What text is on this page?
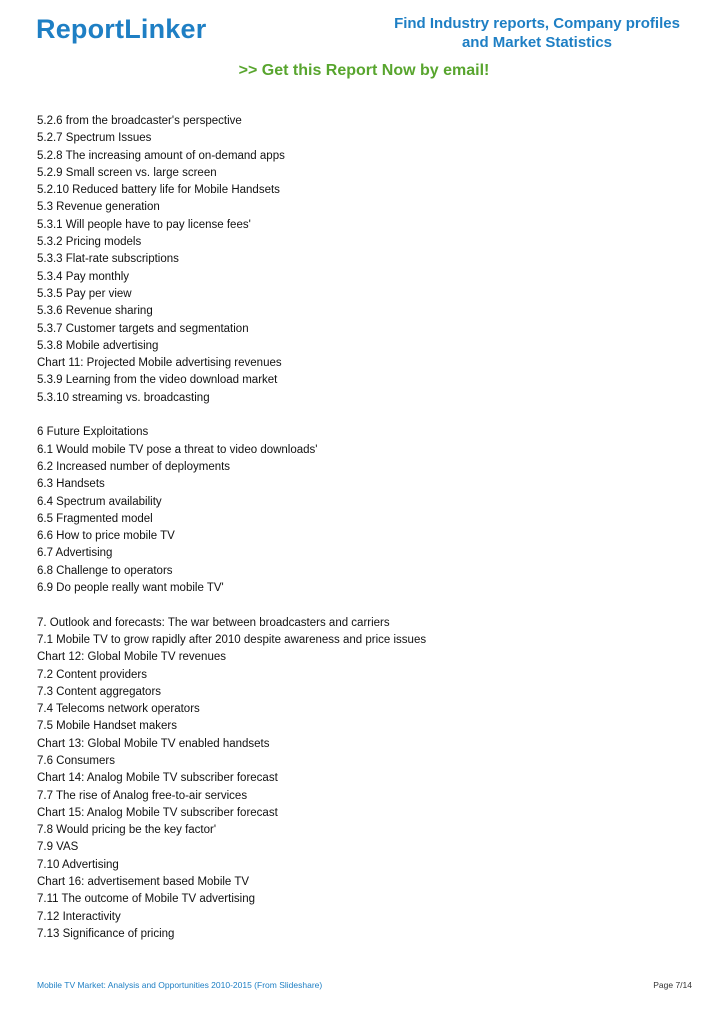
ReportLinker	Find Industry reports, Company profiles
and Market Statistics
>> Get this Report Now by email!
5.2.6 from the broadcaster's perspective
5.2.7 Spectrum Issues
5.2.8 The increasing amount of on-demand apps
5.2.9 Small screen vs. large screen
5.2.10 Reduced battery life for Mobile Handsets
5.3 Revenue generation
5.3.1 Will people have to pay license fees'
5.3.2 Pricing models
5.3.3 Flat-rate subscriptions
5.3.4 Pay monthly
5.3.5 Pay per view
5.3.6 Revenue sharing
5.3.7 Customer targets and segmentation
5.3.8 Mobile advertising
Chart 11: Projected Mobile advertising revenues
5.3.9 Learning from the video download market
5.3.10 streaming vs. broadcasting
6 Future Exploitations
6.1 Would mobile TV pose a threat to video downloads'
6.2 Increased number of deployments
6.3 Handsets
6.4 Spectrum availability
6.5 Fragmented model
6.6 How to price mobile TV
6.7 Advertising
6.8 Challenge to operators
6.9 Do people really want mobile TV'
7. Outlook and forecasts: The war between broadcasters and carriers
7.1 Mobile TV to grow rapidly after 2010 despite awareness and price issues
Chart 12: Global Mobile TV revenues
7.2 Content providers
7.3 Content aggregators
7.4 Telecoms network operators
7.5 Mobile Handset makers
Chart 13: Global Mobile TV enabled handsets
7.6 Consumers
Chart 14: Analog Mobile TV subscriber forecast
7.7 The rise of Analog free-to-air services
Chart 15: Analog Mobile TV subscriber forecast
7.8 Would pricing be the key factor'
7.9 VAS
7.10 Advertising
Chart 16: advertisement based Mobile TV
7.11 The outcome of Mobile TV advertising
7.12 Interactivity
7.13 Significance of pricing
Mobile TV Market: Analysis and Opportunities 2010-2015 (From Slideshare)	Page 7/14
